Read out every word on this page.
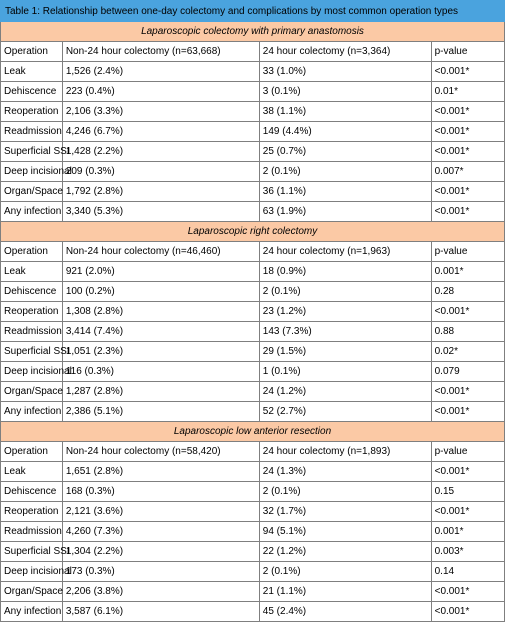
Table 1: Relationship between one-day colectomy and complications by most common operation types			
Laparoscopic colectomy with primary anastomosis			
Operation	Non-24 hour colectomy (n=63,668)	24 hour colectomy (n=3,364)	p-value
Leak	1,526 (2.4%)	33 (1.0%)	<0.001*
Dehiscence	223 (0.4%)	3 (0.1%)	0.01*
Reoperation	2,106 (3.3%)	38 (1.1%)	<0.001*
Readmission	4,246 (6.7%)	149 (4.4%)	<0.001*
Superficial SSI	1,428 (2.2%)	25 (0.7%)	<0.001*
Deep incisional	209 (0.3%)	2 (0.1%)	0.007*
Organ/Space	1,792 (2.8%)	36 (1.1%)	<0.001*
Any infection	3,340 (5.3%)	63 (1.9%)	<0.001*
Laparoscopic right colectomy			
Operation	Non-24 hour colectomy (n=46,460)	24 hour colectomy (n=1,963)	p-value
Leak	921 (2.0%)	18 (0.9%)	0.001*
Dehiscence	100 (0.2%)	2 (0.1%)	0.28
Reoperation	1,308 (2.8%)	23 (1.2%)	<0.001*
Readmission	3,414 (7.4%)	143 (7.3%)	0.88
Superficial SSI	1,051 (2.3%)	29 (1.5%)	0.02*
Deep incisional	116 (0.3%)	1 (0.1%)	0.079
Organ/Space	1,287 (2.8%)	24 (1.2%)	<0.001*
Any infection	2,386 (5.1%)	52 (2.7%)	<0.001*
Laparoscopic low anterior resection			
Operation	Non-24 hour colectomy (n=58,420)	24 hour colectomy (n=1,893)	p-value
Leak	1,651 (2.8%)	24 (1.3%)	<0.001*
Dehiscence	168 (0.3%)	2 (0.1%)	0.15
Reoperation	2,121 (3.6%)	32 (1.7%)	<0.001*
Readmission	4,260 (7.3%)	94 (5.1%)	0.001*
Superficial SSI	1,304 (2.2%)	22 (1.2%)	0.003*
Deep incisional	173 (0.3%)	2 (0.1%)	0.14
Organ/Space	2,206 (3.8%)	21 (1.1%)	<0.001*
Any infection	3,587 (6.1%)	45 (2.4%)	<0.001*
